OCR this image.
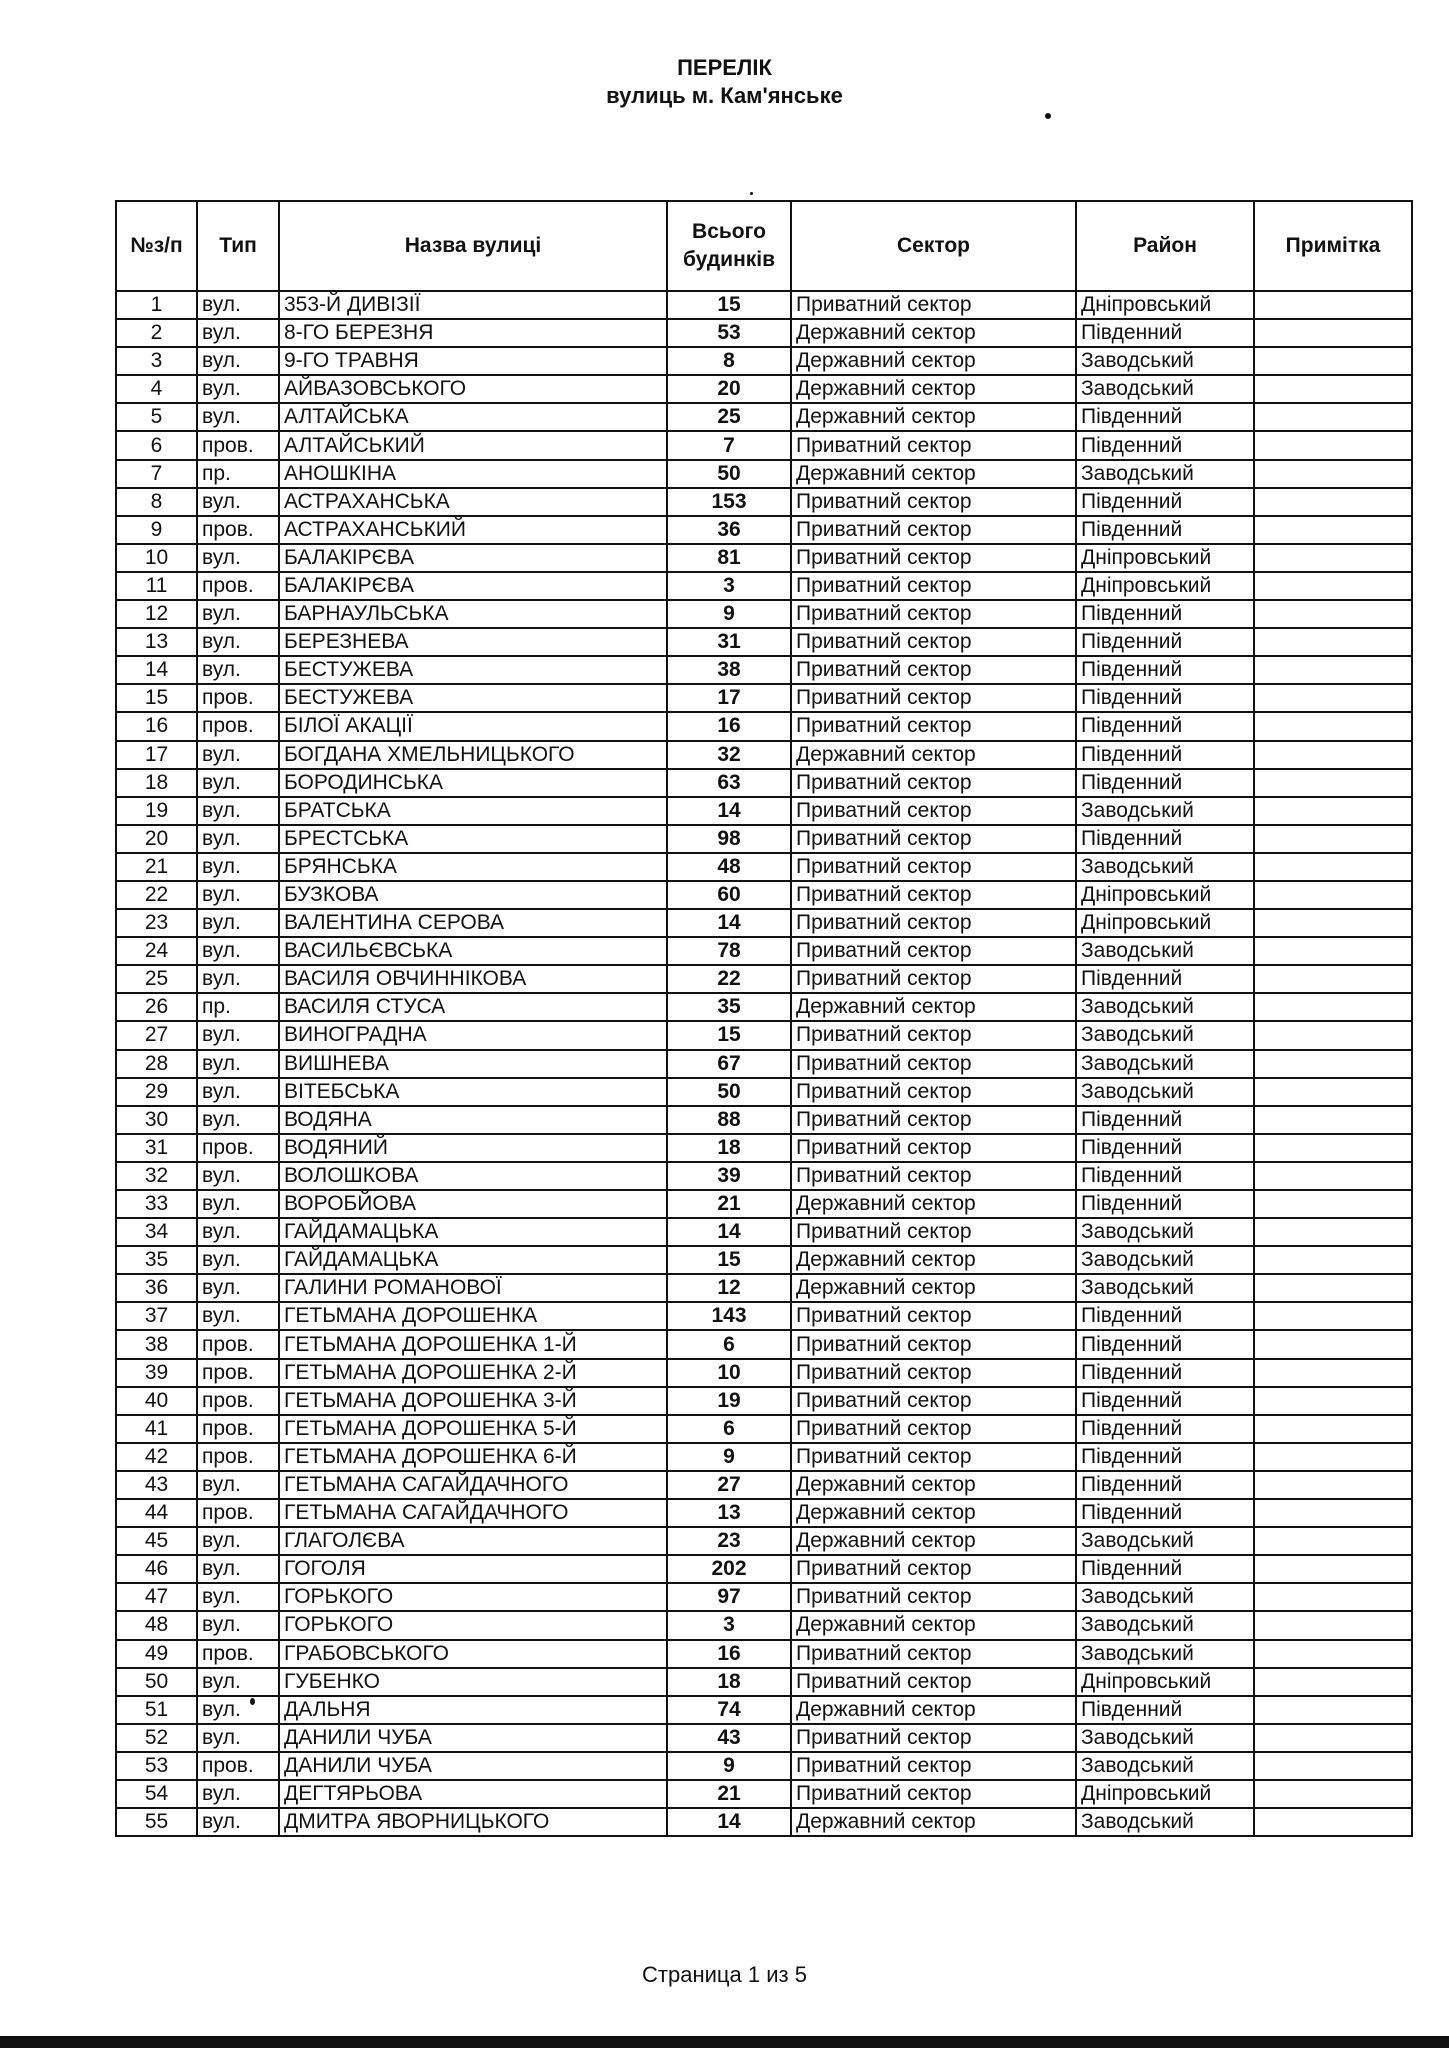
ПЕРЕЛІК
вулиць м. Кам'янське
№з/п	Тип	Назва вулиці	Всього будинків	Сектор	Район	Примітка
1	вул.	353-Й ДИВІЗІЇ	15	Приватний сектор	Дніпровський	
2	вул.	8-ГО БЕРЕЗНЯ	53	Державний сектор	Південний	
3	вул.	9-ГО ТРАВНЯ	8	Державний сектор	Заводський	
4	вул.	АЙВАЗОВСЬКОГО	20	Державний сектор	Заводський	
5	вул.	АЛТАЙСЬКА	25	Державний сектор	Південний	
6	пров.	АЛТАЙСЬКИЙ	7	Приватний сектор	Південний	
7	пр.	АНОШКІНА	50	Державний сектор	Заводський	
8	вул.	АСТРАХАНСЬКА	153	Приватний сектор	Південний	
9	пров.	АСТРАХАНСЬКИЙ	36	Приватний сектор	Південний	
10	вул.	БАЛАКІРЄВА	81	Приватний сектор	Дніпровський	
11	пров.	БАЛАКІРЄВА	3	Приватний сектор	Дніпровський	
12	вул.	БАРНАУЛЬСЬКА	9	Приватний сектор	Південний	
13	вул.	БЕРЕЗНЕВА	31	Приватний сектор	Південний	
14	вул.	БЕСТУЖЕВА	38	Приватний сектор	Південний	
15	пров.	БЕСТУЖЕВА	17	Приватний сектор	Південний	
16	пров.	БІЛОЇ АКАЦІЇ	16	Приватний сектор	Південний	
17	вул.	БОГДАНА ХМЕЛЬНИЦЬКОГО	32	Державний сектор	Південний	
18	вул.	БОРОДИНСЬКА	63	Приватний сектор	Південний	
19	вул.	БРАТСЬКА	14	Приватний сектор	Заводський	
20	вул.	БРЕСТСЬКА	98	Приватний сектор	Південний	
21	вул.	БРЯНСЬКА	48	Приватний сектор	Заводський	
22	вул.	БУЗКОВА	60	Приватний сектор	Дніпровський	
23	вул.	ВАЛЕНТИНА СЕРОВА	14	Приватний сектор	Дніпровський	
24	вул.	ВАСИЛЬЄВСЬКА	78	Приватний сектор	Заводський	
25	вул.	ВАСИЛЯ ОВЧИННІКОВА	22	Приватний сектор	Південний	
26	пр.	ВАСИЛЯ СТУСА	35	Державний сектор	Заводський	
27	вул.	ВИНОГРАДНА	15	Приватний сектор	Заводський	
28	вул.	ВИШНЕВА	67	Приватний сектор	Заводський	
29	вул.	ВІТЕБСЬКА	50	Приватний сектор	Заводський	
30	вул.	ВОДЯНА	88	Приватний сектор	Південний	
31	пров.	ВОДЯНИЙ	18	Приватний сектор	Південний	
32	вул.	ВОЛОШКОВА	39	Приватний сектор	Південний	
33	вул.	ВОРОБЙОВА	21	Державний сектор	Південний	
34	вул.	ГАЙДАМАЦЬКА	14	Приватний сектор	Заводський	
35	вул.	ГАЙДАМАЦЬКА	15	Державний сектор	Заводський	
36	вул.	ГАЛИНИ РОМАНОВОЇ	12	Державний сектор	Заводський	
37	вул.	ГЕТЬМАНА ДОРОШЕНКА	143	Приватний сектор	Південний	
38	пров.	ГЕТЬМАНА ДОРОШЕНКА 1-Й	6	Приватний сектор	Південний	
39	пров.	ГЕТЬМАНА ДОРОШЕНКА 2-Й	10	Приватний сектор	Південний	
40	пров.	ГЕТЬМАНА ДОРОШЕНКА 3-Й	19	Приватний сектор	Південний	
41	пров.	ГЕТЬМАНА ДОРОШЕНКА 5-Й	6	Приватний сектор	Південний	
42	пров.	ГЕТЬМАНА ДОРОШЕНКА 6-Й	9	Приватний сектор	Південний	
43	вул.	ГЕТЬМАНА САГАЙДАЧНОГО	27	Державний сектор	Південний	
44	пров.	ГЕТЬМАНА САГАЙДАЧНОГО	13	Державний сектор	Південний	
45	вул.	ГЛАГОЛЄВА	23	Державний сектор	Заводський	
46	вул.	ГОГОЛЯ	202	Приватний сектор	Південний	
47	вул.	ГОРЬКОГО	97	Приватний сектор	Заводський	
48	вул.	ГОРЬКОГО	3	Державний сектор	Заводський	
49	пров.	ГРАБОВСЬКОГО	16	Приватний сектор	Заводський	
50	вул.	ГУБЕНКО	18	Приватний сектор	Дніпровський	
51	вул.	ДАЛЬНЯ	74	Державний сектор	Південний	
52	вул.	ДАНИЛИ ЧУБА	43	Приватний сектор	Заводський	
53	пров.	ДАНИЛИ ЧУБА	9	Приватний сектор	Заводський	
54	вул.	ДЕГТЯРЬОВА	21	Приватний сектор	Дніпровський	
55	вул.	ДМИТРА ЯВОРНИЦЬКОГО	14	Державний сектор	Заводський	
Страница 1 из 5
